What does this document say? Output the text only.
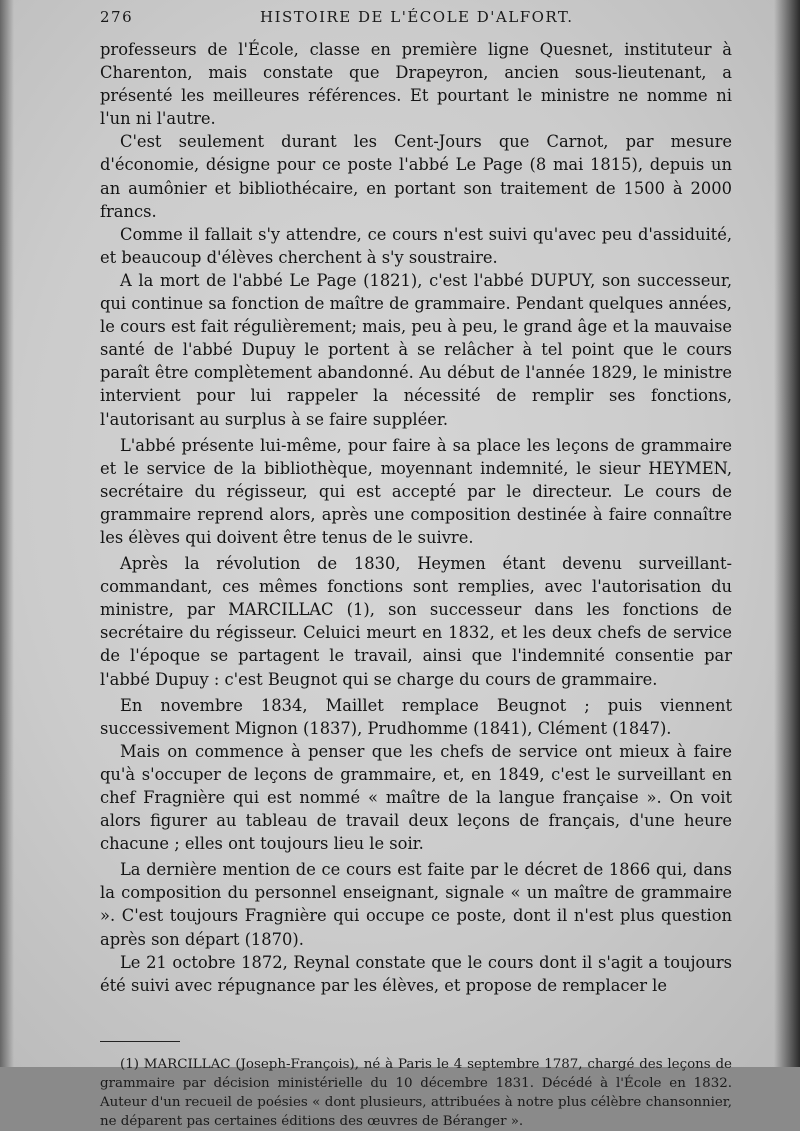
276	HISTOIRE DE L'ÉCOLE D'ALFORT.

professeurs de l'École, classe en première ligne Quesnet, instituteur à Charenton, mais constate que Drapeyron, ancien sous-lieutenant, a présenté les meilleures références. Et pourtant le ministre ne nomme ni l'un ni l'autre.

C'est seulement durant les Cent-Jours que Carnot, par mesure d'économie, désigne pour ce poste l'abbé Le Page (8 mai 1815), depuis un an aumônier et bibliothécaire, en portant son traitement de 1500 à 2000 francs.

Comme il fallait s'y attendre, ce cours n'est suivi qu'avec peu d'assiduité, et beaucoup d'élèves cherchent à s'y soustraire.

A la mort de l'abbé Le Page (1821), c'est l'abbé DUPUY, son successeur, qui continue sa fonction de maître de grammaire. Pendant quelques années, le cours est fait régulièrement; mais, peu à peu, le grand âge et la mauvaise santé de l'abbé Dupuy le portent à se relâcher à tel point que le cours paraît être complètement abandonné. Au début de l'année 1829, le ministre intervient pour lui rappeler la nécessité de remplir ses fonctions, l'autorisant au surplus à se faire suppléer.

L'abbé présente lui-même, pour faire à sa place les leçons de grammaire et le service de la bibliothèque, moyennant indemnité, le sieur HEYMEN, secrétaire du régisseur, qui est accepté par le directeur. Le cours de grammaire reprend alors, après une composition destinée à faire connaître les élèves qui doivent être tenus de le suivre.

Après la révolution de 1830, Heymen étant devenu surveillant-commandant, ces mêmes fonctions sont remplies, avec l'autorisation du ministre, par MARCILLAC (1), son successeur dans les fonctions de secrétaire du régisseur. Celuici meurt en 1832, et les deux chefs de service de l'époque se partagent le travail, ainsi que l'indemnité consentie par l'abbé Dupuy : c'est Beugnot qui se charge du cours de grammaire.

En novembre 1834, Maillet remplace Beugnot ; puis viennent successivement Mignon (1837), Prudhomme (1841), Clément (1847).

Mais on commence à penser que les chefs de service ont mieux à faire qu'à s'occuper de leçons de grammaire, et, en 1849, c'est le surveillant en chef Fragnière qui est nommé « maître de la langue française ». On voit alors figurer au tableau de travail deux leçons de français, d'une heure chacune ; elles ont toujours lieu le soir.

La dernière mention de ce cours est faite par le décret de 1866 qui, dans la composition du personnel enseignant, signale « un maître de grammaire ». C'est toujours Fragnière qui occupe ce poste, dont il n'est plus question après son départ (1870).

Le 21 octobre 1872, Reynal constate que le cours dont il s'agit a toujours été suivi avec répugnance par les élèves, et propose de remplacer le

(1) MARCILLAC (Joseph-François), né à Paris le 4 septembre 1787, chargé des leçons de grammaire par décision ministérielle du 10 décembre 1831. Décédé à l'École en 1832. Auteur d'un recueil de poésies « dont plusieurs, attribuées à notre plus célèbre chansonnier, ne déparent pas certaines éditions des œuvres de Béranger ».
